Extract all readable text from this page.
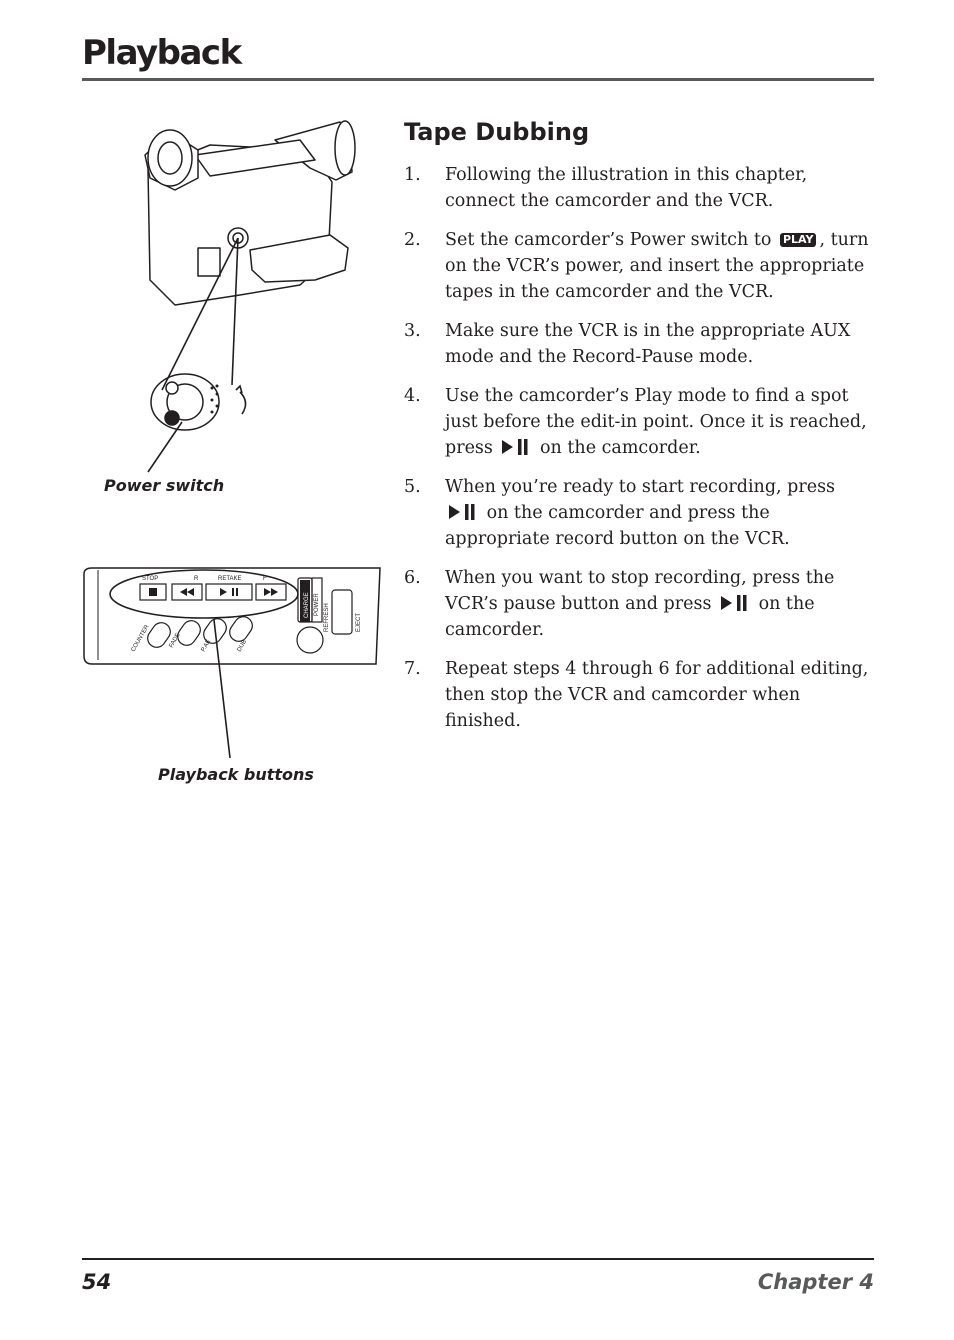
Playback
Power switch
STOP	R	RETAKE	F
POWER REFRESH	EJECT
CHARGE
COUNTER	FADE	P.AE	DUB
Playback buttons
Tape Dubbing
1.	Following the illustration in this chapter, connect the camcorder and the VCR.
2.	Set the camcorder’s Power switch to PLAY , turn on the VCR’s power, and insert the appropriate tapes in the camcorder and the VCR.
3.	Make sure the VCR is in the appropriate AUX mode and the Record-Pause mode.
4.	Use the camcorder’s Play mode to find a spot just before the edit-in point. Once it is reached, press  on the camcorder.
5.	When you’re ready to start recording, press  on the camcorder and press the appropriate record button on the VCR.
6.	When you want to stop recording, press the VCR’s pause button and press  on the camcorder.
7.	Repeat steps 4 through 6 for additional editing, then stop the VCR and camcorder when finished.
54	Chapter 4
